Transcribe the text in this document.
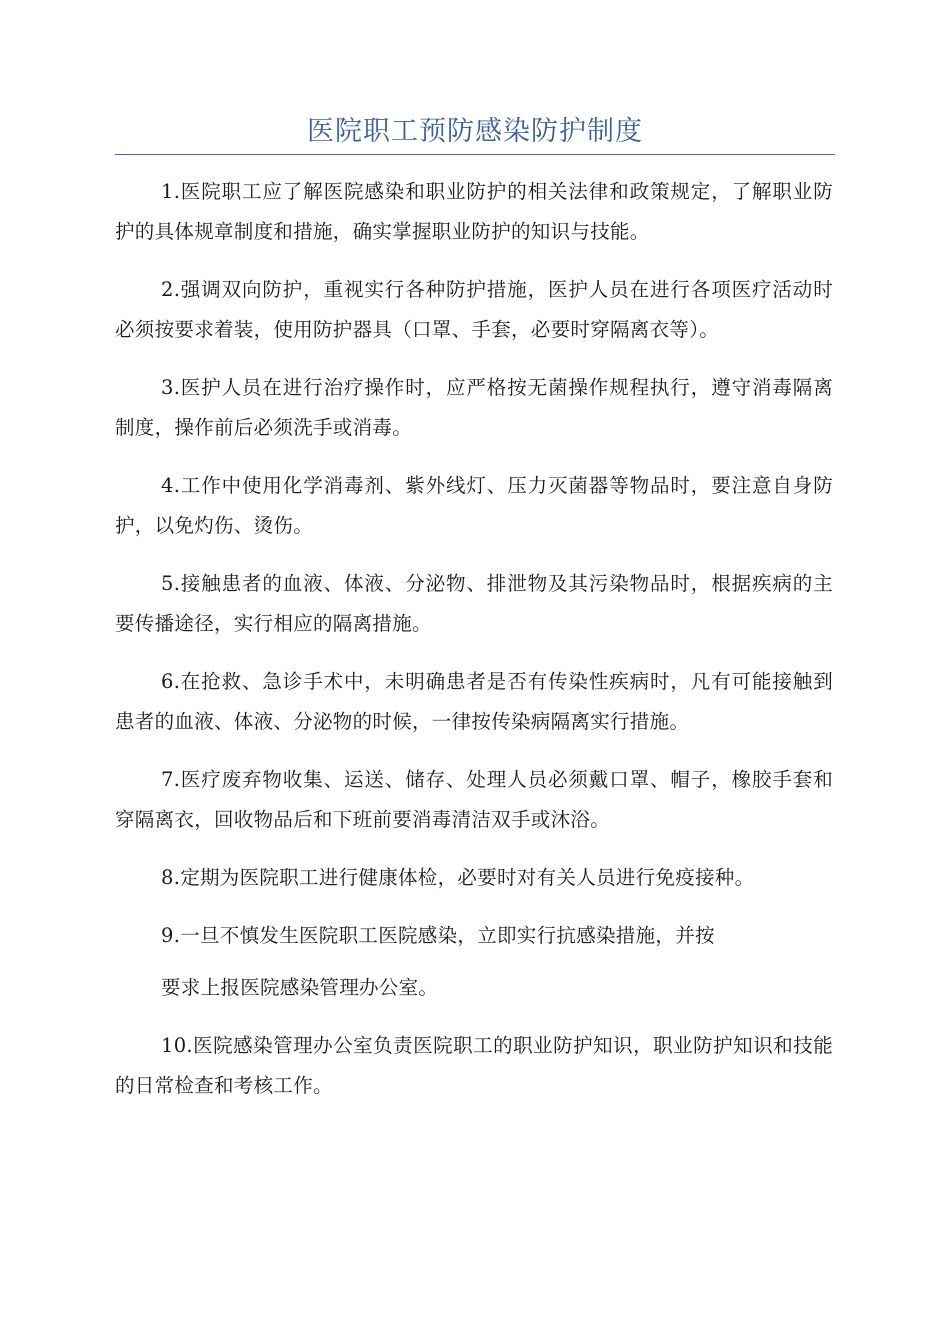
医院职工预防感染防护制度

1.医院职工应了解医院感染和职业防护的相关法律和政策规定，了解职业防护的具体规章制度和措施，确实掌握职业防护的知识与技能。

2.强调双向防护，重视实行各种防护措施，医护人员在进行各项医疗活动时必须按要求着装，使用防护器具（口罩、手套，必要时穿隔离衣等）。

3.医护人员在进行治疗操作时，应严格按无菌操作规程执行，遵守消毒隔离制度，操作前后必须洗手或消毒。

4.工作中使用化学消毒剂、紫外线灯、压力灭菌器等物品时，要注意自身防护，以免灼伤、烫伤。

5.接触患者的血液、体液、分泌物、排泄物及其污染物品时，根据疾病的主要传播途径，实行相应的隔离措施。

6.在抢救、急诊手术中，未明确患者是否有传染性疾病时，凡有可能接触到患者的血液、体液、分泌物的时候，一律按传染病隔离实行措施。

7.医疗废弃物收集、运送、储存、处理人员必须戴口罩、帽子，橡胶手套和穿隔离衣，回收物品后和下班前要消毒清洁双手或沐浴。

8.定期为医院职工进行健康体检，必要时对有关人员进行免疫接种。

9.一旦不慎发生医院职工医院感染，立即实行抗感染措施，并按

要求上报医院感染管理办公室。

10.医院感染管理办公室负责医院职工的职业防护知识，职业防护知识和技能的日常检查和考核工作。
